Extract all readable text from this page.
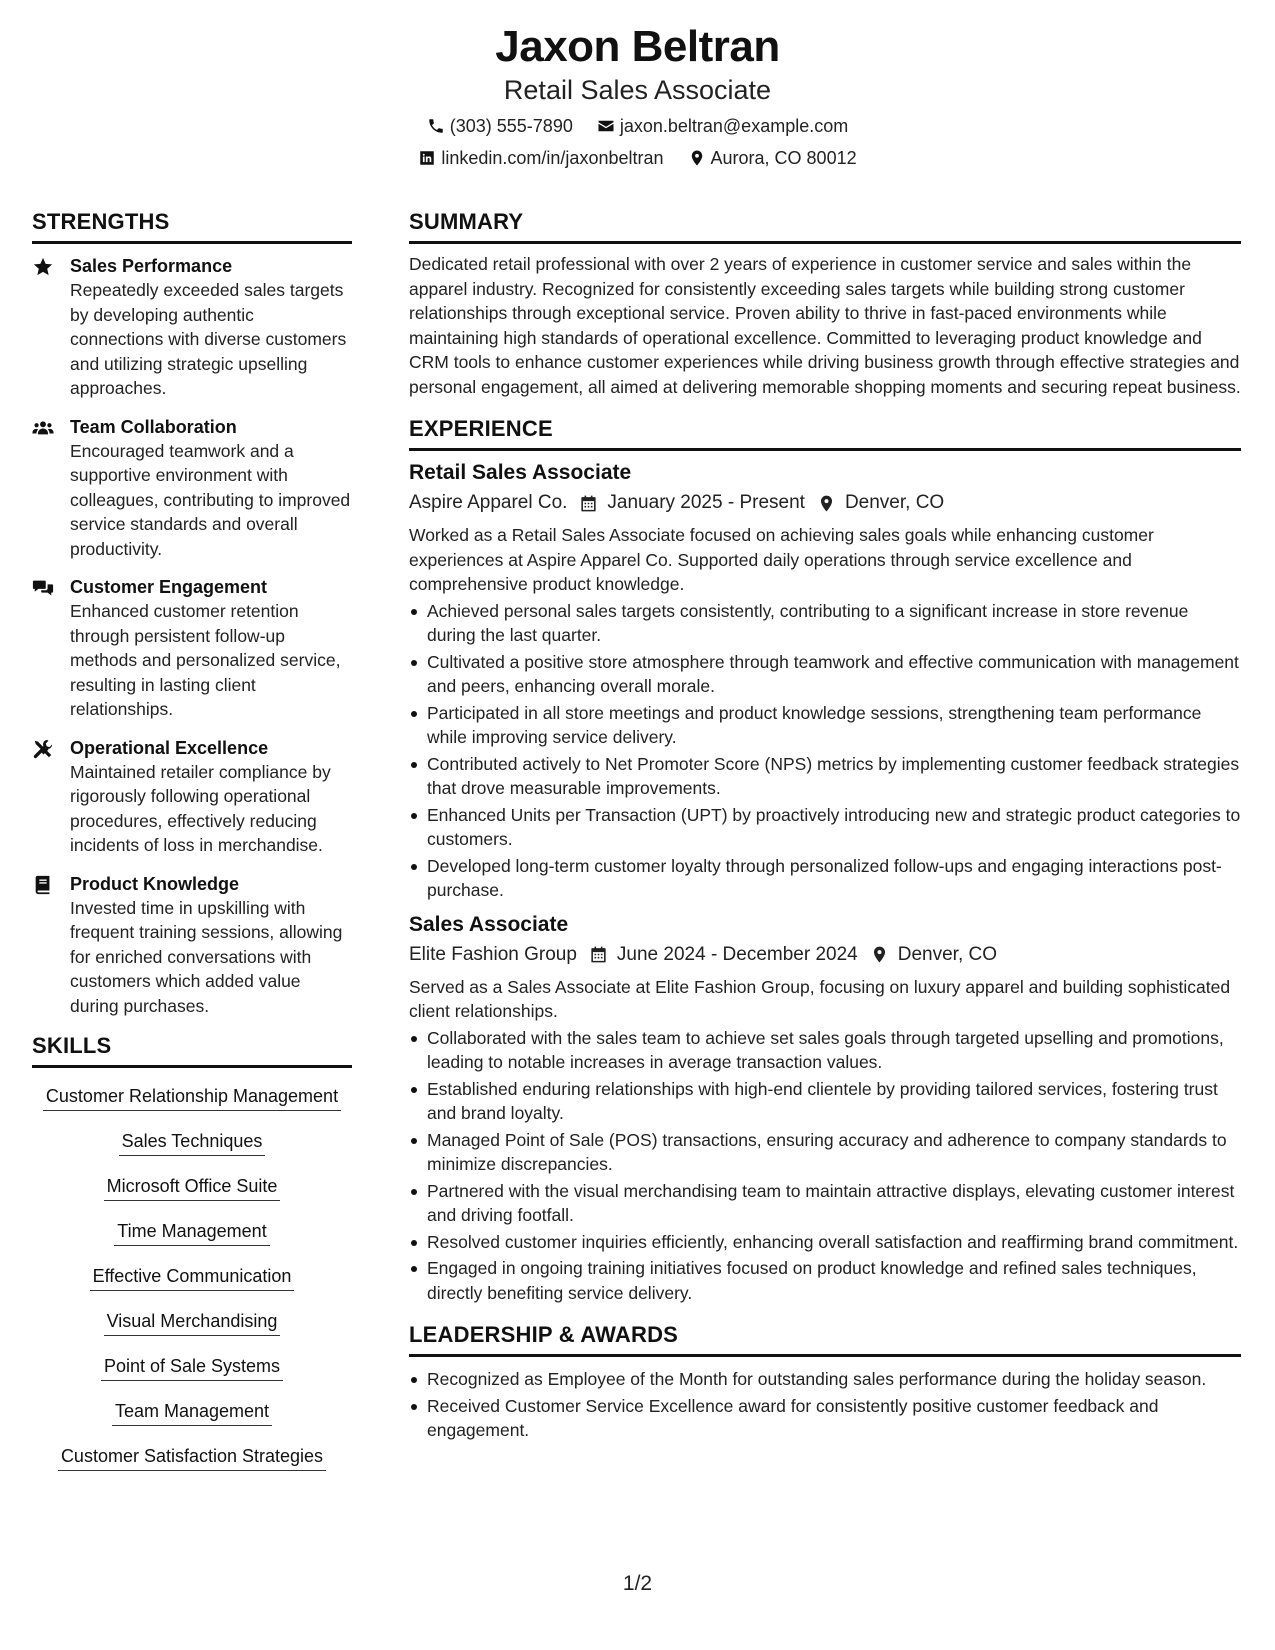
Jaxon Beltran
Retail Sales Associate
(303) 555-7890	jaxon.beltran@example.com
linkedin.com/in/jaxonbeltran	Aurora, CO 80012
STRENGTHS
Sales Performance
Repeatedly exceeded sales targets by developing authentic connections with diverse customers and utilizing strategic upselling approaches.
Team Collaboration
Encouraged teamwork and a supportive environment with colleagues, contributing to improved service standards and overall productivity.
Customer Engagement
Enhanced customer retention through persistent follow-up methods and personalized service, resulting in lasting client relationships.
Operational Excellence
Maintained retailer compliance by rigorously following operational procedures, effectively reducing incidents of loss in merchandise.
Product Knowledge
Invested time in upskilling with frequent training sessions, allowing for enriched conversations with customers which added value during purchases.
SKILLS
Customer Relationship Management
Sales Techniques
Microsoft Office Suite
Time Management
Effective Communication
Visual Merchandising
Point of Sale Systems
Team Management
Customer Satisfaction Strategies
SUMMARY
Dedicated retail professional with over 2 years of experience in customer service and sales within the apparel industry. Recognized for consistently exceeding sales targets while building strong customer relationships through exceptional service. Proven ability to thrive in fast-paced environments while maintaining high standards of operational excellence. Committed to leveraging product knowledge and CRM tools to enhance customer experiences while driving business growth through effective strategies and personal engagement, all aimed at delivering memorable shopping moments and securing repeat business.
EXPERIENCE
Retail Sales Associate
Aspire Apparel Co. January 2025 - Present Denver, CO
Worked as a Retail Sales Associate focused on achieving sales goals while enhancing customer experiences at Aspire Apparel Co. Supported daily operations through service excellence and comprehensive product knowledge.
Achieved personal sales targets consistently, contributing to a significant increase in store revenue during the last quarter.
Cultivated a positive store atmosphere through teamwork and effective communication with management and peers, enhancing overall morale.
Participated in all store meetings and product knowledge sessions, strengthening team performance while improving service delivery.
Contributed actively to Net Promoter Score (NPS) metrics by implementing customer feedback strategies that drove measurable improvements.
Enhanced Units per Transaction (UPT) by proactively introducing new and strategic product categories to customers.
Developed long-term customer loyalty through personalized follow-ups and engaging interactions post-purchase.
Sales Associate
Elite Fashion Group June 2024 - December 2024 Denver, CO
Served as a Sales Associate at Elite Fashion Group, focusing on luxury apparel and building sophisticated client relationships.
Collaborated with the sales team to achieve set sales goals through targeted upselling and promotions, leading to notable increases in average transaction values.
Established enduring relationships with high-end clientele by providing tailored services, fostering trust and brand loyalty.
Managed Point of Sale (POS) transactions, ensuring accuracy and adherence to company standards to minimize discrepancies.
Partnered with the visual merchandising team to maintain attractive displays, elevating customer interest and driving footfall.
Resolved customer inquiries efficiently, enhancing overall satisfaction and reaffirming brand commitment.
Engaged in ongoing training initiatives focused on product knowledge and refined sales techniques, directly benefiting service delivery.
LEADERSHIP & AWARDS
Recognized as Employee of the Month for outstanding sales performance during the holiday season.
Received Customer Service Excellence award for consistently positive customer feedback and engagement.
1/2
